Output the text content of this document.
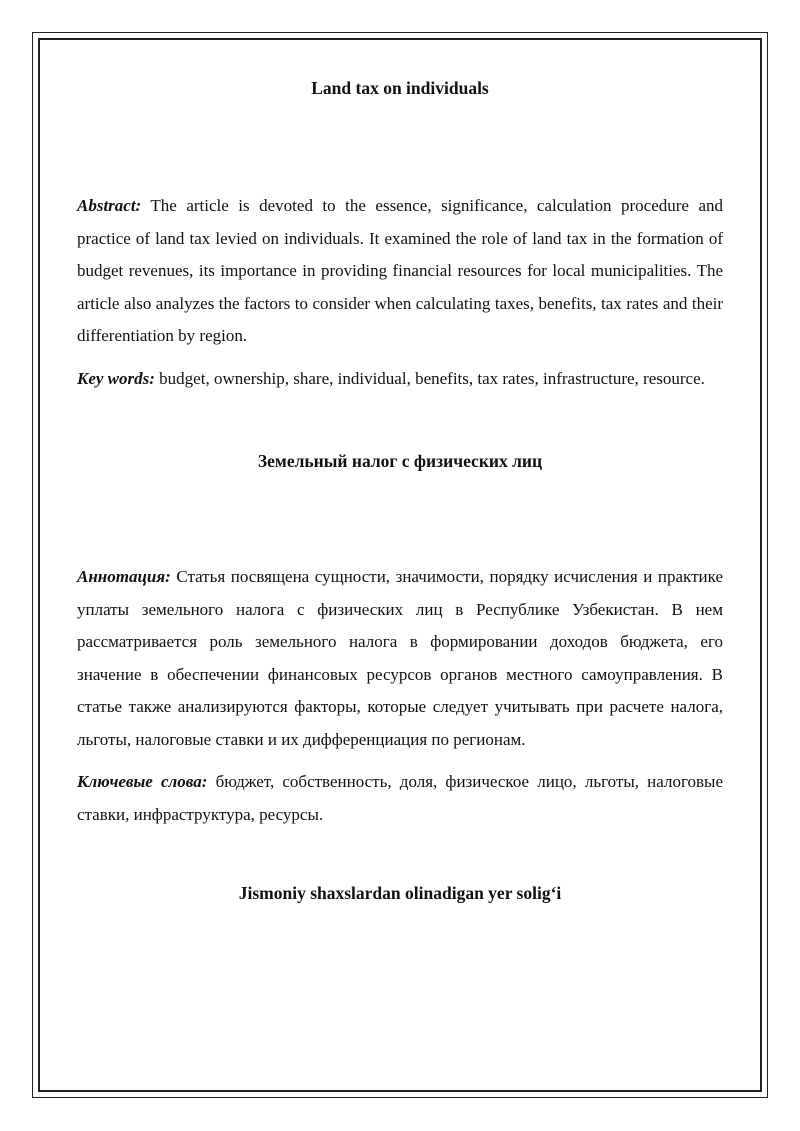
Land tax on individuals

Abstract: The article is devoted to the essence, significance, calculation procedure and practice of land tax levied on individuals. It examined the role of land tax in the formation of budget revenues, its importance in providing financial resources for local municipalities. The article also analyzes the factors to consider when calculating taxes, benefits, tax rates and their differentiation by region.

Key words: budget, ownership, share, individual, benefits, tax rates, infrastructure, resource.

Земельный налог с физических лиц

Аннотация: Статья посвящена сущности, значимости, порядку исчисления и практике уплаты земельного налога с физических лиц в Республике Узбекистан. В нем рассматривается роль земельного налога в формировании доходов бюджета, его значение в обеспечении финансовых ресурсов органов местного самоуправления. В статье также анализируются факторы, которые следует учитывать при расчете налога, льготы, налоговые ставки и их дифференциация по регионам.

Ключевые слова: бюджет, собственность, доля, физическое лицо, льготы, налоговые ставки, инфраструктура, ресурсы.

Jismoniy shaxslardan olinadigan yer solig‘i
